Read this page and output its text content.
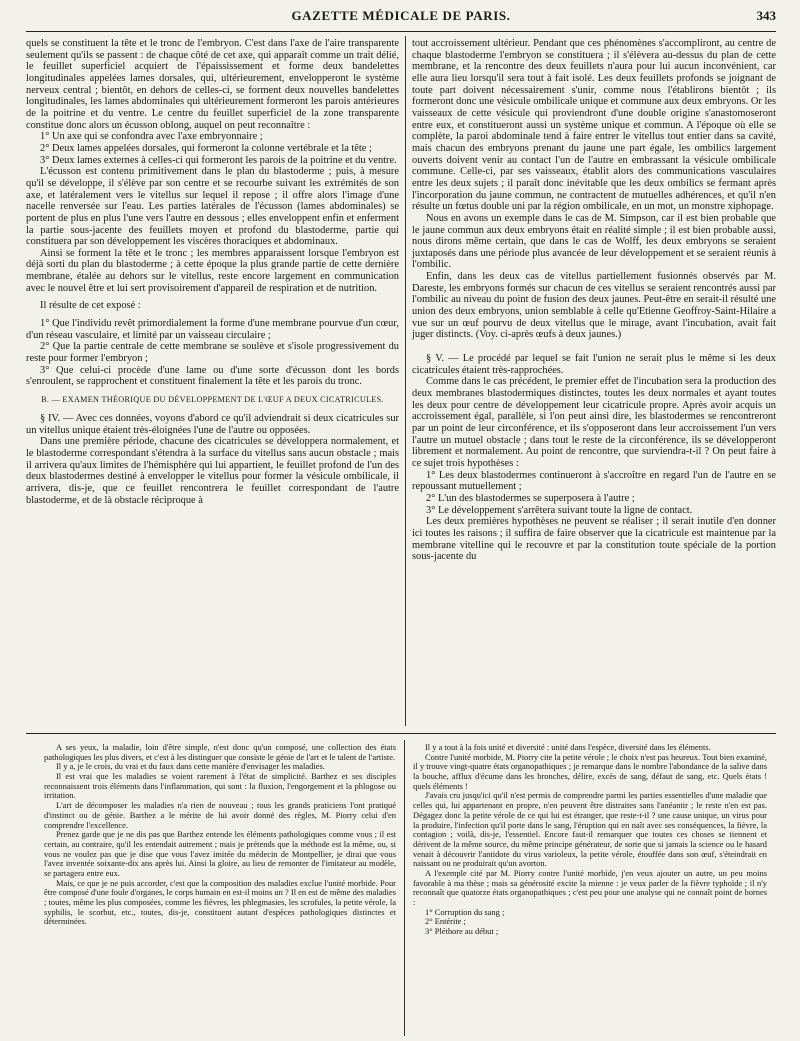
GAZETTE MÉDICALE DE PARIS.	343

quels se constituent la tête et le tronc de l'embryon. C'est dans l'axe de l'aire transparente seulement qu'ils se passent : de chaque côté de cet axe, qui apparaît comme un trait délié, le feuillet superficiel acquiert de l'épaississement et forme deux bandelettes longitudinales appelées lames dorsales, qui, ultérieurement, envelopperont le système nerveux central ; bientôt, en dehors de celles-ci, se forment deux nouvelles bandelettes longitudinales, les lames abdominales qui ultérieurement formeront les parois antérieures de la poitrine et du ventre. Le centre du feuillet superficiel de la zone transparente constitue donc alors un écusson oblong, auquel on peut reconnaître :

1° Un axe qui se confondra avec l'axe embryonnaire ;

2° Deux lames appelées dorsales, qui formeront la colonne vertébrale et la tête ;

3° Deux lames externes à celles-ci qui formeront les parois de la poitrine et du ventre.

L'écusson est contenu primitivement dans le plan du blastoderme ; puis, à mesure qu'il se développe, il s'élève par son centre et se recourbe suivant les extrémités de son axe, et latéralement vers le vitellus sur lequel il repose ; il offre alors l'image d'une nacelle renversée sur l'eau. Les parties latérales de l'écusson (lames abdominales) se portent de plus en plus l'une vers l'autre en dessous ; elles enveloppent enfin et enferment la partie sous-jacente des feuillets moyen et profond du blastoderme, partie qui constituera par son développement les viscères thoraciques et abdominaux.

Ainsi se forment la tête et le tronc ; les membres apparaissent lorsque l'embryon est déjà sorti du plan du blastoderme ; à cette époque la plus grande partie de cette dernière membrane, étalée au dehors sur le vitellus, reste encore largement en communication avec le nouvel être et lui sert provisoirement d'appareil de respiration et de nutrition.

Il résulte de cet exposé :

1° Que l'individu revêt primordialement la forme d'une membrane pourvue d'un cœur, d'un réseau vasculaire, et limité par un vaisseau circulaire ;

2° Que la partie centrale de cette membrane se soulève et s'isole progressivement du reste pour former l'embryon ;

3° Que celui-ci procède d'une lame ou d'une sorte d'écusson dont les bords s'enroulent, se rapprochent et constituent finalement la tête et les parois du tronc.

B. — EXAMEN THÉORIQUE DU DÉVELOPPEMENT DE L'ŒUF A DEUX CICATRICULES.

§ IV. — Avec ces données, voyons d'abord ce qu'il adviendrait si deux cicatricules sur un vitellus unique étaient très-éloignées l'une de l'autre ou opposées.

Dans une première période, chacune des cicatricules se développera normalement, et le blastoderme correspondant s'étendra à la surface du vitellus sans aucun obstacle ; mais il arrivera qu'aux limites de l'hémisphère qui lui appartient, le feuillet profond de l'un des deux blastodermes destiné à envelopper le vitellus pour former la vésicule ombilicale, il arrivera, dis-je, que ce feuillet rencontrera le feuillet correspondant de l'autre blastoderme, et de là obstacle réciproque à

tout accroissement ultérieur. Pendant que ces phénomènes s'accompliront, au centre de chaque blastoderme l'embryon se constituera ; il s'élèvera au-dessus du plan de cette membrane, et la rencontre des deux feuillets n'aura pour lui aucun inconvénient, car elle aura lieu lorsqu'il sera tout à fait isolé. Les deux feuillets profonds se joignant de toute part doivent nécessairement s'unir, comme nous l'établirons bientôt ; ils formeront donc une vésicule ombilicale unique et commune aux deux embryons. Or les vaisseaux de cette vésicule qui proviendront d'une double origine s'anastomoseront entre eux, et constitueront aussi un système unique et commun. A l'époque où elle se complète, la paroi abdominale tend à faire entrer le vitellus tout entier dans sa cavité, mais chacun des embryons prenant du jaune une part égale, les ombilics largement ouverts doivent venir au contact l'un de l'autre en embrassant la vésicule ombilicale commune. Celle-ci, par ses vaisseaux, établit alors des communications vasculaires entre les deux sujets ; il paraît donc inévitable que les deux ombilics se fermant après l'incorporation du jaune commun, ne contractent de mutuelles adhérences, et qu'il n'en résulte un fœtus double uni par la région ombilicale, en un mot, un monstre xiphopage.

Nous en avons un exemple dans le cas de M. Simpson, car il est bien probable que le jaune commun aux deux embryons était en réalité simple ; il est bien probable aussi, nous dirons même certain, que dans le cas de Wolff, les deux embryons se seraient juxtaposés dans une période plus avancée de leur développement et se seraient réunis à l'ombilic.

Enfin, dans les deux cas de vitellus partiellement fusionnés observés par M. Dareste, les embryons formés sur chacun de ces vitellus se seraient rencontrés aussi par l'ombilic au niveau du point de fusion des deux jaunes. Peut-être en serait-il résulté une union des deux embryons, union semblable à celle qu'Etienne Geoffroy-Saint-Hilaire a vue sur un œuf pourvu de deux vitellus que le mirage, avant l'incubation, avait fait juger distincts. (Voy. ci-après œufs à deux jaunes.)

§ V. — Le procédé par lequel se fait l'union ne serait plus le même si les deux cicatricules étaient très-rapprochées.

Comme dans le cas précédent, le premier effet de l'incubation sera la production des deux membranes blastodermiques distinctes, toutes les deux normales et ayant toutes les deux pour centre de développement leur cicatricule propre. Après avoir acquis un accroissement égal, parallèle, si l'on peut ainsi dire, les blastodermes se rencontreront par un point de leur circonférence, et ils s'opposeront dans leur accroissement l'un vers l'autre un mutuel obstacle ; dans tout le reste de la circonférence, ils se développeront librement et normalement. Au point de rencontre, que surviendra-t-il ? On peut faire à ce sujet trois hypothèses :

1° Les deux blastodermes continueront à s'accroître en regard l'un de l'autre en se repoussant mutuellement ;

2° L'un des blastodermes se superposera à l'autre ;

3° Le développement s'arrêtera suivant toute la ligne de contact.

Les deux premières hypothèses ne peuvent se réaliser ; il serait inutile d'en donner ici toutes les raisons ; il suffira de faire observer que la cicatricule est maintenue par la membrane vitelline qui le recouvre et par la constitution toute spéciale de la portion sous-jacente du

A ses yeux, la maladie, loin d'être simple, n'est donc qu'un composé, une collection des états pathologiques les plus divers, et c'est à les distinguer que consiste le génie de l'art et le talent de l'artiste.

Il y a, je le crois, du vrai et du faux dans cette manière d'envisager les maladies.

Il est vrai que les maladies se voient rarement à l'état de simplicité. Barthez et ses disciples reconnaissent trois éléments dans l'inflammation, qui sont : la fluxion, l'engorgement et la phlogose ou irritation.

L'art de décomposer les maladies n'a rien de nouveau ; tous les grands praticiens l'ont pratiqué d'instinct ou de génie. Barthez a le mérite de lui avoir donné des règles, M. Piorry celui d'en comprendre l'excellence.

Prenez garde que je ne dis pas que Barthez entende les éléments pathologiques comme vous ; il est certain, au contraire, qu'il les entendait autrement ; mais je prétends que la méthode est la même, ou, si vous ne voulez pas que je dise que vous l'avez imitée du médecin de Montpellier, je dirai que vous l'avez inventée soixante-dix ans après lui. Ainsi la gloire, au lieu de remonter de l'imitateur au modèle, se partagera entre eux.

Mais, ce que je ne puis accorder, c'est que la composition des maladies exclue l'unité morbide. Pour être composé d'une foule d'organes, le corps humain en est-il moins un ? Il en est de même des maladies ; toutes, même les plus composées, comme les fièvres, les phlegmasies, les scrofules, la petite vérole, la syphilis, le scorbut, etc., toutes, dis-je, constituent autant d'espèces pathologiques distinctes et déterminées.

Il y a tout à la fois unité et diversité : unité dans l'espèce, diversité dans les éléments.

Contre l'unité morbide, M. Piorry cite la petite vérole ; le choix n'est pas heureux. Tout bien examiné, il y trouve vingt-quatre états organopathiques ; je remarque dans le nombre l'abondance de la salive dans la bouche, afflux d'écume dans les bronches, délire, excès de sang, défaut de sang, etc. Quels états ! quels éléments !

J'avais cru jusqu'ici qu'il n'est permis de comprendre parmi les parties essentielles d'une maladie que celles qui, lui appartenant en propre, n'en peuvent être distraites sans l'anéantir ; le reste n'en est pas. Dégagez donc la petite vérole de ce qui lui est étranger, que reste-t-il ? une cause unique, un virus pour la produire, l'infection qu'il porte dans le sang, l'éruption qui en naît avec ses conséquences, la fièvre, la contagion ; voilà, dis-je, l'essentiel. Encore faut-il remarquer que toutes ces choses se tiennent et dérivent de la même source, du même principe générateur, de sorte que si jamais la science ou le hasard venait à découvrir l'antidote du virus varioleux, la petite vérole, étouffée dans son œuf, s'éteindrait en naissant ou ne produirait qu'un avorton.

A l'exemple cité par M. Piorry contre l'unité morbide, j'en veux ajouter un autre, un peu moins favorable à ma thèse ; mais sa générosité excite la mienne : je veux parler de la fièvre typhoïde ; il n'y reconnaît que quatorze états organopathiques ; c'est peu pour une analyse qui ne connaît point de bornes :

1° Corruption du sang ;

2° Entérite ;

3° Pléthore au début ;
